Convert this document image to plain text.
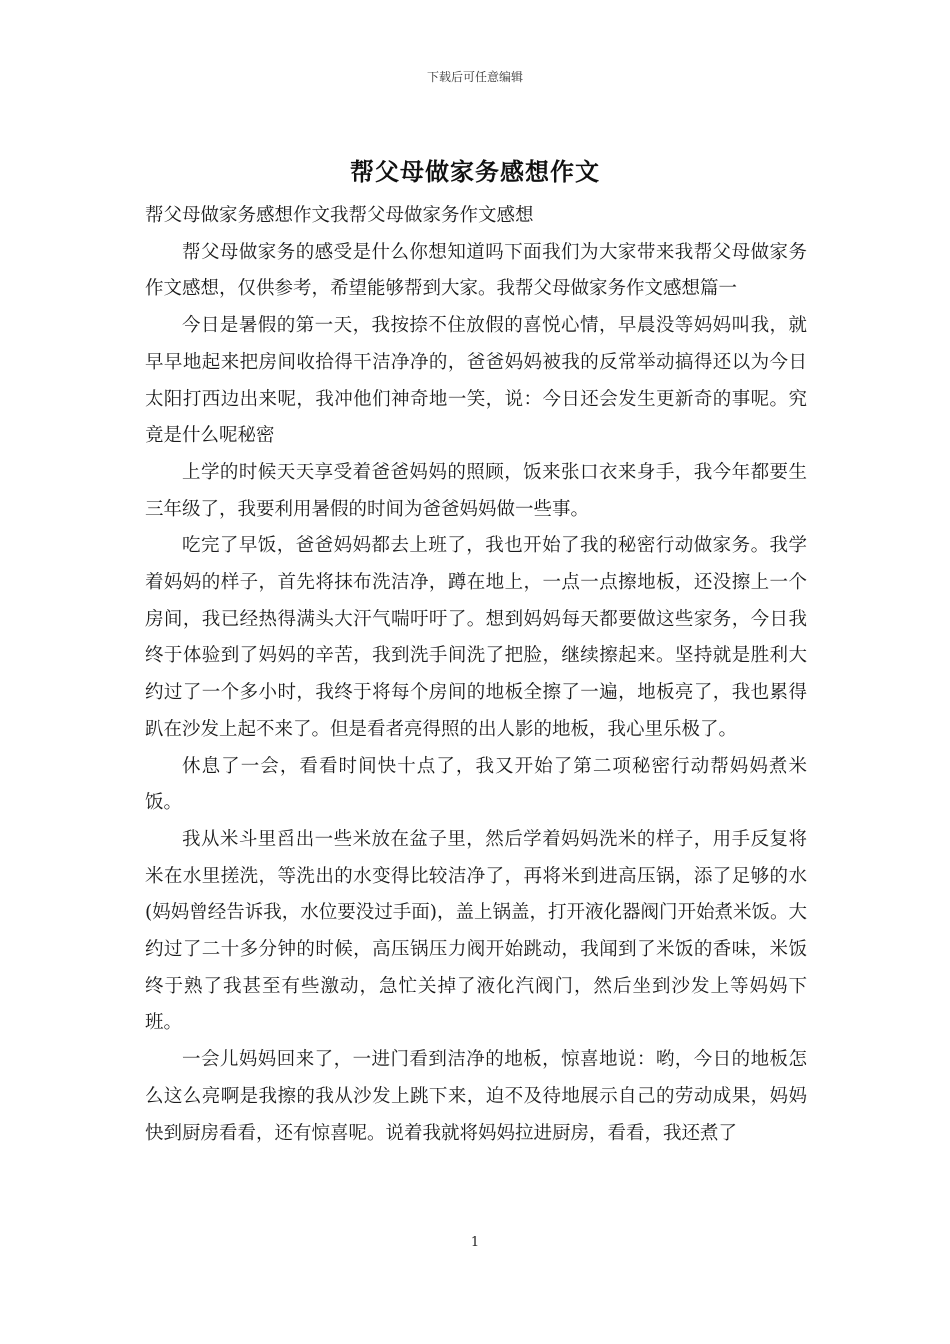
下载后可任意编辑
帮父母做家务感想作文

帮父母做家务感想作文我帮父母做家务作文感想

帮父母做家务的感受是什么你想知道吗下面我们为大家带来我帮父母做家务作文感想，仅供参考，希望能够帮到大家。我帮父母做家务作文感想篇一

今日是暑假的第一天，我按捺不住放假的喜悦心情，早晨没等妈妈叫我，就早早地起来把房间收拾得干洁净净的，爸爸妈妈被我的反常举动搞得还以为今日太阳打西边出来呢，我冲他们神奇地一笑，说：今日还会发生更新奇的事呢。究竟是什么呢秘密

上学的时候天天享受着爸爸妈妈的照顾，饭来张口衣来身手，我今年都要生三年级了，我要利用暑假的时间为爸爸妈妈做一些事。

吃完了早饭，爸爸妈妈都去上班了，我也开始了我的秘密行动做家务。我学着妈妈的样子，首先将抹布洗洁净，蹲在地上，一点一点擦地板，还没擦上一个房间，我已经热得满头大汗气喘吁吁了。想到妈妈每天都要做这些家务，今日我终于体验到了妈妈的辛苦，我到洗手间洗了把脸，继续擦起来。坚持就是胜利大约过了一个多小时，我终于将每个房间的地板全擦了一遍，地板亮了，我也累得趴在沙发上起不来了。但是看者亮得照的出人影的地板，我心里乐极了。

休息了一会，看看时间快十点了，我又开始了第二项秘密行动帮妈妈煮米饭。

我从米斗里舀出一些米放在盆子里，然后学着妈妈洗米的样子，用手反复将米在水里搓洗，等洗出的水变得比较洁净了，再将米到进高压锅，添了足够的水(妈妈曾经告诉我，水位要没过手面)，盖上锅盖，打开液化器阀门开始煮米饭。大约过了二十多分钟的时候，高压锅压力阀开始跳动，我闻到了米饭的香味，米饭终于熟了我甚至有些激动，急忙关掉了液化汽阀门，然后坐到沙发上等妈妈下班。

一会儿妈妈回来了，一进门看到洁净的地板，惊喜地说：哟，今日的地板怎么这么亮啊是我擦的我从沙发上跳下来，迫不及待地展示自己的劳动成果，妈妈快到厨房看看，还有惊喜呢。说着我就将妈妈拉进厨房，看看，我还煮了

1
